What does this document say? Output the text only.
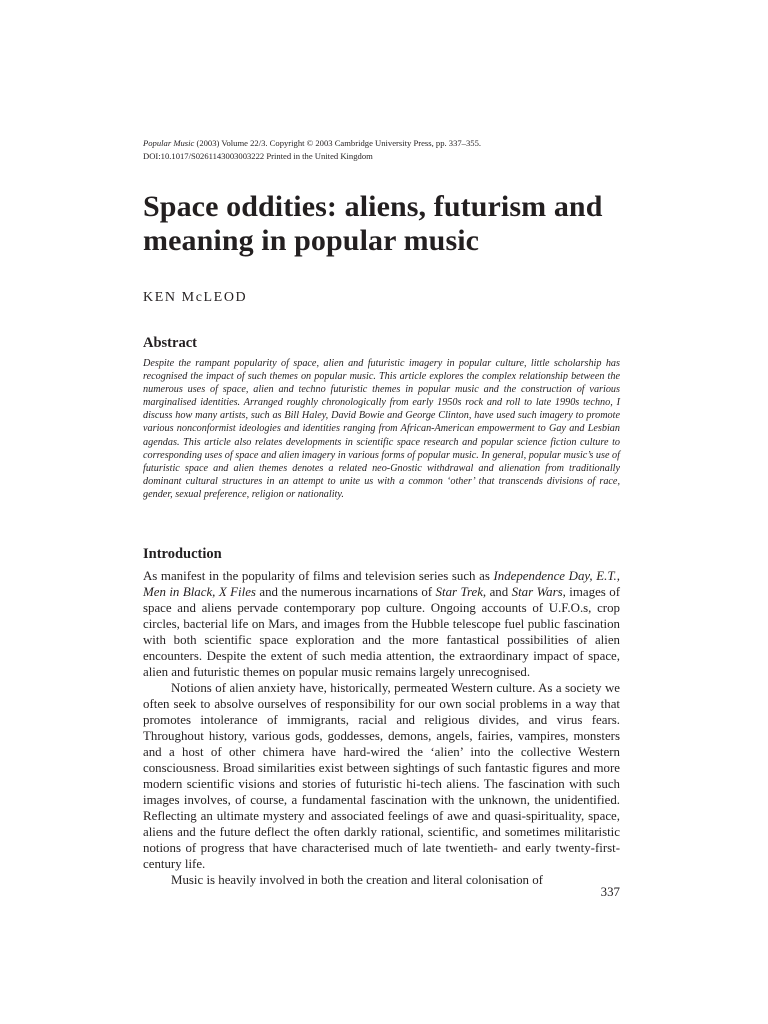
Popular Music (2003) Volume 22/3. Copyright © 2003 Cambridge University Press, pp. 337–355.
DOI:10.1017/S0261143003003222 Printed in the United Kingdom
Space oddities: aliens, futurism and meaning in popular music
KEN McLEOD
Abstract

Despite the rampant popularity of space, alien and futuristic imagery in popular culture, little scholarship has recognised the impact of such themes on popular music. This article explores the complex relationship between the numerous uses of space, alien and techno futuristic themes in popular music and the construction of various marginalised identities. Arranged roughly chronologically from early 1950s rock and roll to late 1990s techno, I discuss how many artists, such as Bill Haley, David Bowie and George Clinton, have used such imagery to promote various nonconformist ideologies and identities ranging from African-American empowerment to Gay and Lesbian agendas. This article also relates developments in scientific space research and popular science fiction culture to corresponding uses of space and alien imagery in various forms of popular music. In general, popular music’s use of futuristic space and alien themes denotes a related neo-Gnostic withdrawal and alienation from traditionally dominant cultural structures in an attempt to unite us with a common ‘other’ that transcends divisions of race, gender, sexual preference, religion or nationality.

Introduction

As manifest in the popularity of films and television series such as Independence Day, E.T., Men in Black, X Files and the numerous incarnations of Star Trek, and Star Wars, images of space and aliens pervade contemporary pop culture. Ongoing accounts of U.F.O.s, crop circles, bacterial life on Mars, and images from the Hubble telescope fuel public fascination with both scientific space exploration and the more fantastical possibilities of alien encounters. Despite the extent of such media attention, the extraordinary impact of space, alien and futuristic themes on popular music remains largely unrecognised.

Notions of alien anxiety have, historically, permeated Western culture. As a society we often seek to absolve ourselves of responsibility for our own social problems in a way that promotes intolerance of immigrants, racial and religious divides, and virus fears. Throughout history, various gods, goddesses, demons, angels, fairies, vampires, monsters and a host of other chimera have hard-wired the ‘alien’ into the collective Western consciousness. Broad similarities exist between sightings of such fantastic figures and more modern scientific visions and stories of futuristic hi-tech aliens. The fascination with such images involves, of course, a fundamental fascination with the unknown, the unidentified. Reflecting an ultimate mystery and associated feelings of awe and quasi-spirituality, space, aliens and the future deflect the often darkly rational, scientific, and sometimes militaristic notions of progress that have characterised much of late twentieth- and early twenty-first-century life.

Music is heavily involved in both the creation and literal colonisation of

337
